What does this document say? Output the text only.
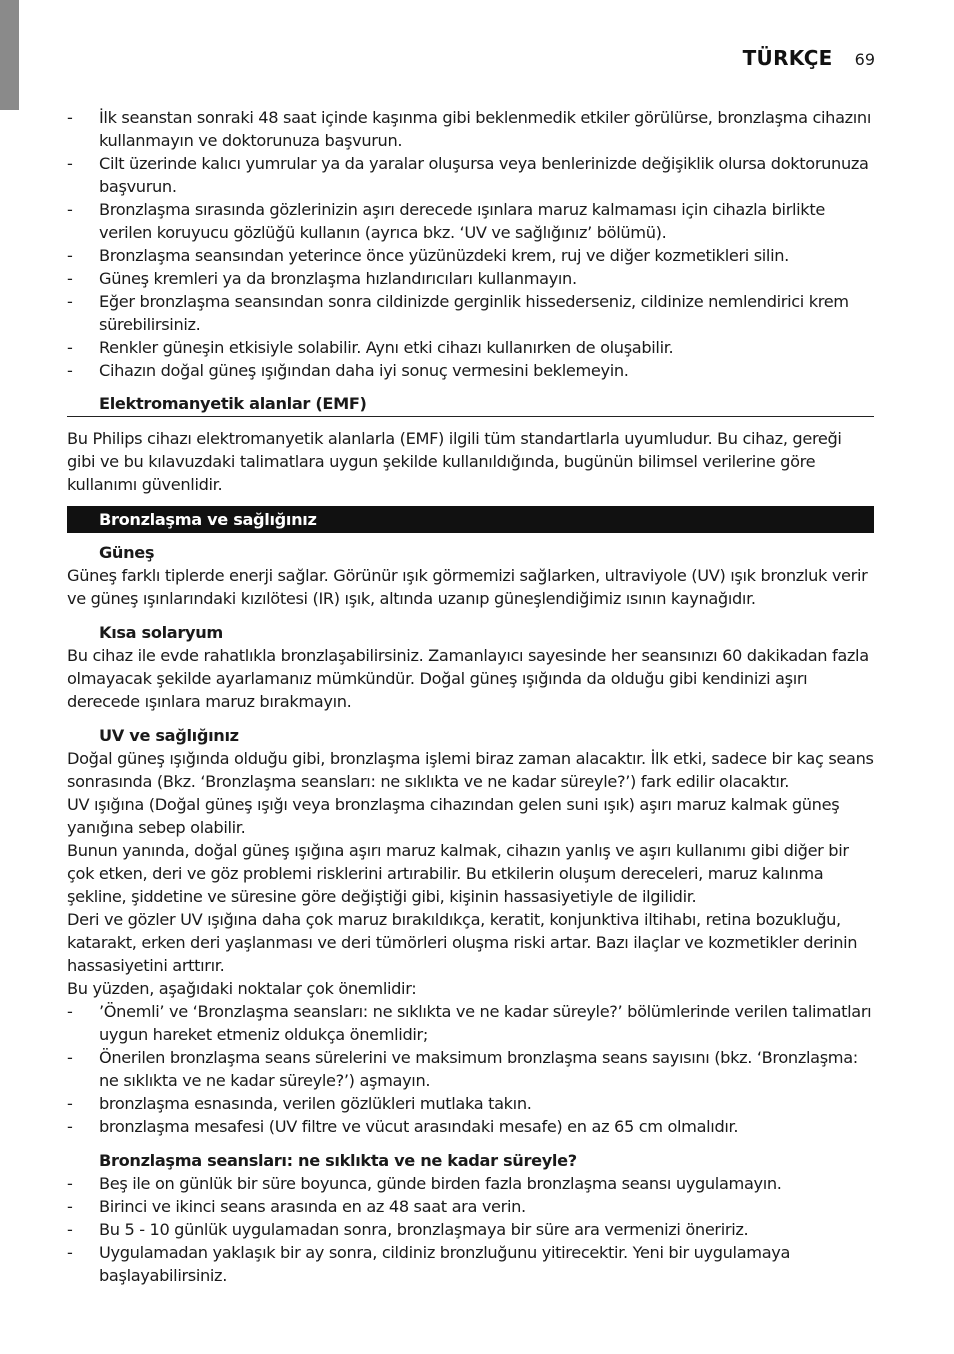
TÜRKÇE 69
- İlk seanstan sonraki 48 saat içinde kaşınma gibi beklenmedik etkiler görülürse, bronzlaşma cihazını kullanmayın ve doktorunuza başvurun.
- Cilt üzerinde kalıcı yumrular ya da yaralar oluşursa veya benlerinizde değişiklik olursa doktorunuza başvurun.
- Bronzlaşma sırasında gözlerinizin aşırı derecede ışınlara maruz kalmaması için cihazla birlikte verilen koruyucu gözlüğü kullanın (ayrıca bkz. ‘UV ve sağlığınız’ bölümü).
- Bronzlaşma seansından yeterince önce yüzünüzdeki krem, ruj ve diğer kozmetikleri silin.
- Güneş kremleri ya da bronzlaşma hızlandırıcıları kullanmayın.
- Eğer bronzlaşma seansından sonra cildinizde gerginlik hissederseniz, cildinize nemlendirici krem sürebilirsiniz.
- Renkler güneşin etkisiyle solabilir. Aynı etki cihazı kullanırken de oluşabilir.
- Cihazın doğal güneş ışığından daha iyi sonuç vermesini beklemeyin.
Elektromanyetik alanlar (EMF)

Bu Philips cihazı elektromanyetik alanlarla (EMF) ilgili tüm standartlarla uyumludur. Bu cihaz, gereği gibi ve bu kılavuzdaki talimatlara uygun şekilde kullanıldığında, bugünün bilimsel verilerine göre kullanımı güvenlidir.

Bronzlaşma ve sağlığınız
Güneş

Güneş farklı tiplerde enerji sağlar. Görünür ışık görmemizi sağlarken, ultraviyole (UV) ışık bronzluk verir ve güneş ışınlarındaki kızılötesi (IR) ışık, altında uzanıp güneşlendiğimiz ısının kaynağıdır.

Kısa solaryum

Bu cihaz ile evde rahatlıkla bronzlaşabilirsiniz. Zamanlayıcı sayesinde her seansınızı 60 dakikadan fazla olmayacak şekilde ayarlamanız mümkündür. Doğal güneş ışığında da olduğu gibi kendinizi aşırı derecede ışınlara maruz bırakmayın.

UV ve sağlığınız

Doğal güneş ışığında olduğu gibi, bronzlaşma işlemi biraz zaman alacaktır. İlk etki, sadece bir kaç seans sonrasında (Bkz. ‘Bronzlaşma seansları: ne sıklıkta ve ne kadar süreyle?’) fark edilir olacaktır.

UV ışığına (Doğal güneş ışığı veya bronzlaşma cihazından gelen suni ışık) aşırı maruz kalmak güneş yanığına sebep olabilir.

Bunun yanında, doğal güneş ışığına aşırı maruz kalmak, cihazın yanlış ve aşırı kullanımı gibi diğer bir çok etken, deri ve göz problemi risklerini artırabilir. Bu etkilerin oluşum dereceleri, maruz kalınma şekline, şiddetine ve süresine göre değiştiği gibi, kişinin hassasiyetiyle de ilgilidir.

Deri ve gözler UV ışığına daha çok maruz bırakıldıkça, keratit, konjunktiva iltihabı, retina bozukluğu, katarakt, erken deri yaşlanması ve deri tümörleri oluşma riski artar. Bazı ilaçlar ve kozmetikler derinin hassasiyetini arttırır.

Bu yüzden, aşağıdaki noktalar çok önemlidir:

- ’Önemli’ ve ‘Bronzlaşma seansları: ne sıklıkta ve ne kadar süreyle?’ bölümlerinde verilen talimatları uygun hareket etmeniz oldukça önemlidir;
- Önerilen bronzlaşma seans sürelerini ve maksimum bronzlaşma seans sayısını (bkz. ‘Bronzlaşma: ne sıklıkta ve ne kadar süreyle?’) aşmayın.
- bronzlaşma esnasında, verilen gözlükleri mutlaka takın.
- bronzlaşma mesafesi (UV filtre ve vücut arasındaki mesafe) en az 65 cm olmalıdır.
Bronzlaşma seansları: ne sıklıkta ve ne kadar süreyle?
- Beş ile on günlük bir süre boyunca, günde birden fazla bronzlaşma seansı uygulamayın.
- Birinci ve ikinci seans arasında en az 48 saat ara verin.
- Bu 5 - 10 günlük uygulamadan sonra, bronzlaşmaya bir süre ara vermenizi öneririz.
- Uygulamadan yaklaşık bir ay sonra, cildiniz bronzluğunu yitirecektir. Yeni bir uygulamaya başlayabilirsiniz.
